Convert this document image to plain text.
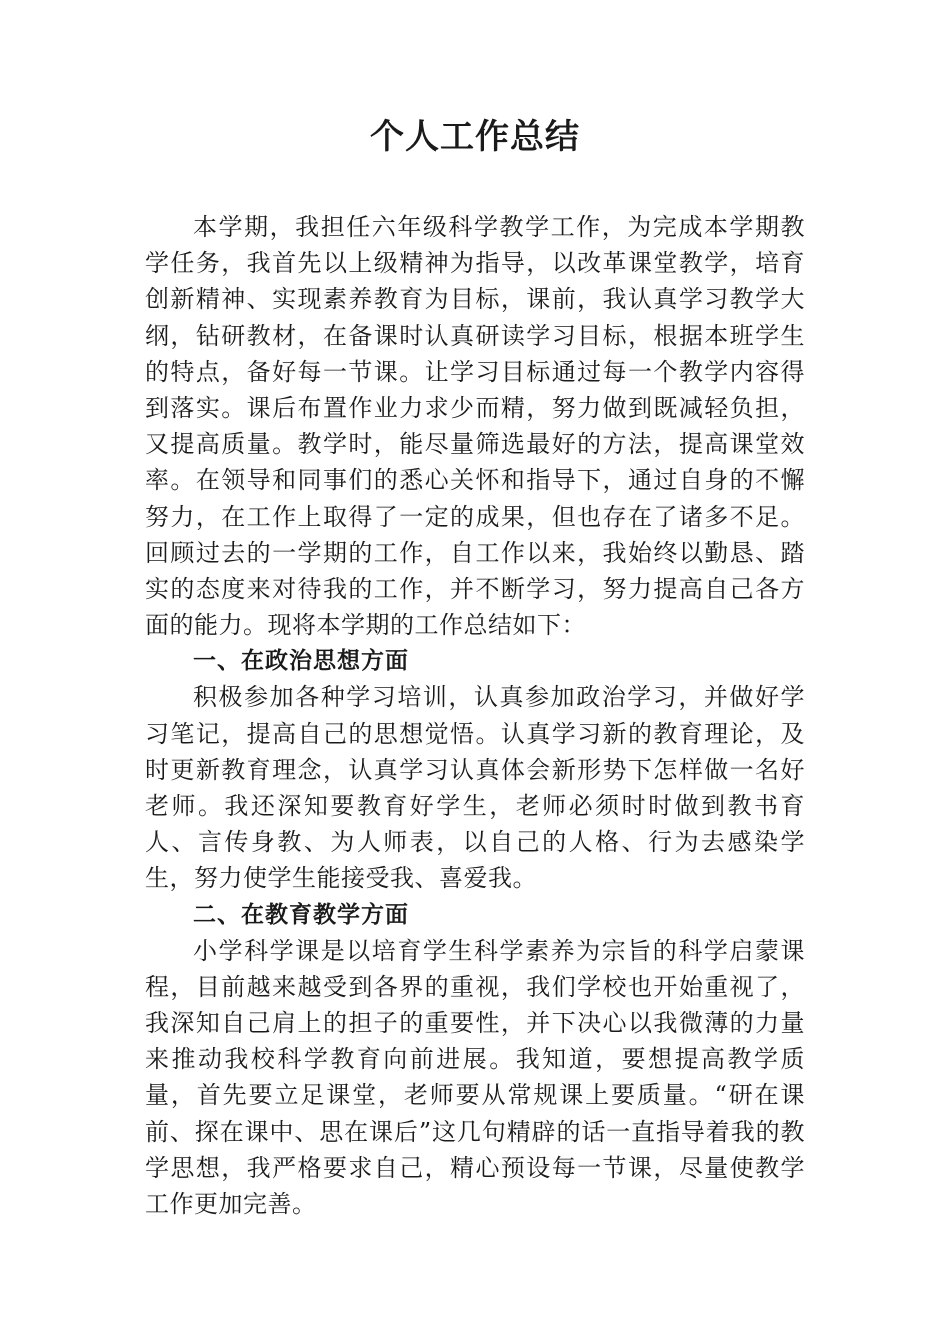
个人工作总结

本学期，我担任六年级科学教学工作，为完成本学期教学任务，我首先以上级精神为指导，以改革课堂教学，培育创新精神、实现素养教育为目标，课前，我认真学习教学大纲，钻研教材，在备课时认真研读学习目标，根据本班学生的特点，备好每一节课。让学习目标通过每一个教学内容得到落实。课后布置作业力求少而精，努力做到既减轻负担，又提高质量。教学时，能尽量筛选最好的方法，提高课堂效率。在领导和同事们的悉心关怀和指导下，通过自身的不懈努力，在工作上取得了一定的成果，但也存在了诸多不足。回顾过去的一学期的工作，自工作以来，我始终以勤恳、踏实的态度来对待我的工作，并不断学习，努力提高自己各方面的能力。现将本学期的工作总结如下：

一、在政治思想方面

积极参加各种学习培训，认真参加政治学习，并做好学习笔记，提高自己的思想觉悟。认真学习新的教育理论，及时更新教育理念，认真学习认真体会新形势下怎样做一名好老师。我还深知要教育好学生，老师必须时时做到教书育人、言传身教、为人师表，以自己的人格、行为去感染学生，努力使学生能接受我、喜爱我。

二、在教育教学方面

小学科学课是以培育学生科学素养为宗旨的科学启蒙课程，目前越来越受到各界的重视，我们学校也开始重视了，我深知自己肩上的担子的重要性，并下决心以我微薄的力量来推动我校科学教育向前进展。我知道，要想提高教学质量，首先要立足课堂，老师要从常规课上要质量。“研在课前、探在课中、思在课后”这几句精辟的话一直指导着我的教学思想，我严格要求自己，精心预设每一节课，尽量使教学工作更加完善。
